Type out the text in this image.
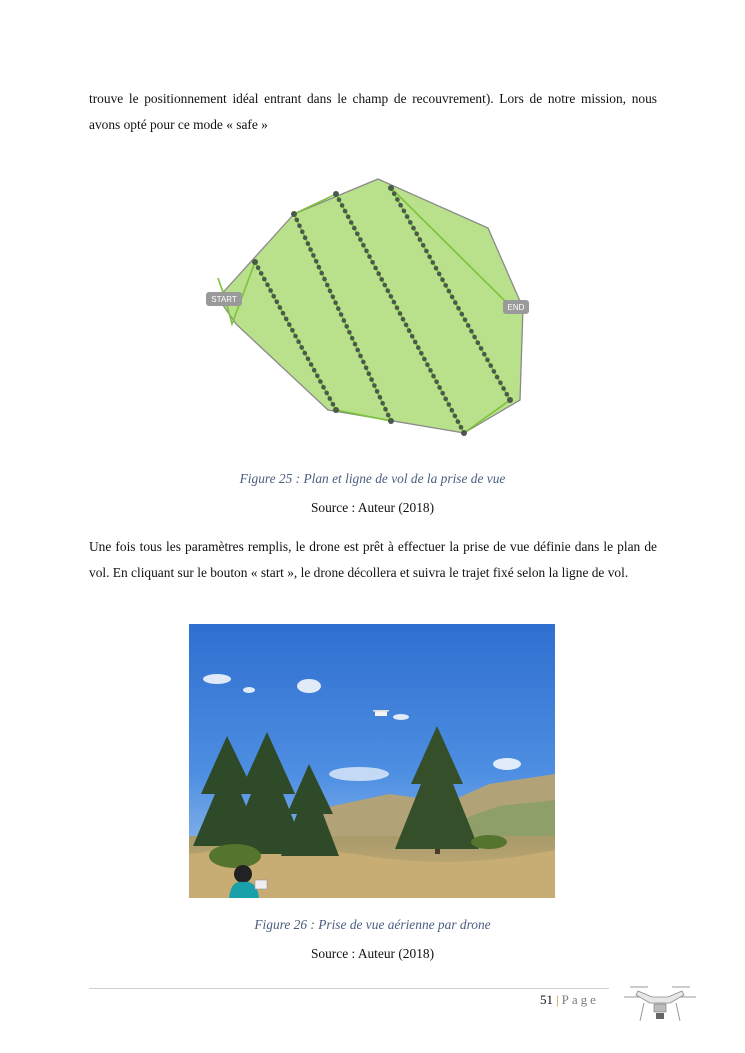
trouve le positionnement idéal entrant dans le champ de recouvrement). Lors de notre mission, nous avons opté pour ce mode « safe »

START
END

Figure 25 : Plan et ligne de vol de la prise de vue

Source : Auteur (2018)

Une fois tous les paramètres remplis, le drone est prêt à effectuer la prise de vue définie dans le plan de vol. En cliquant sur le bouton « start », le drone décollera et suivra le trajet fixé selon la ligne de vol.

Figure 26 : Prise de vue aérienne par drone

Source : Auteur (2018)

51 | Page
